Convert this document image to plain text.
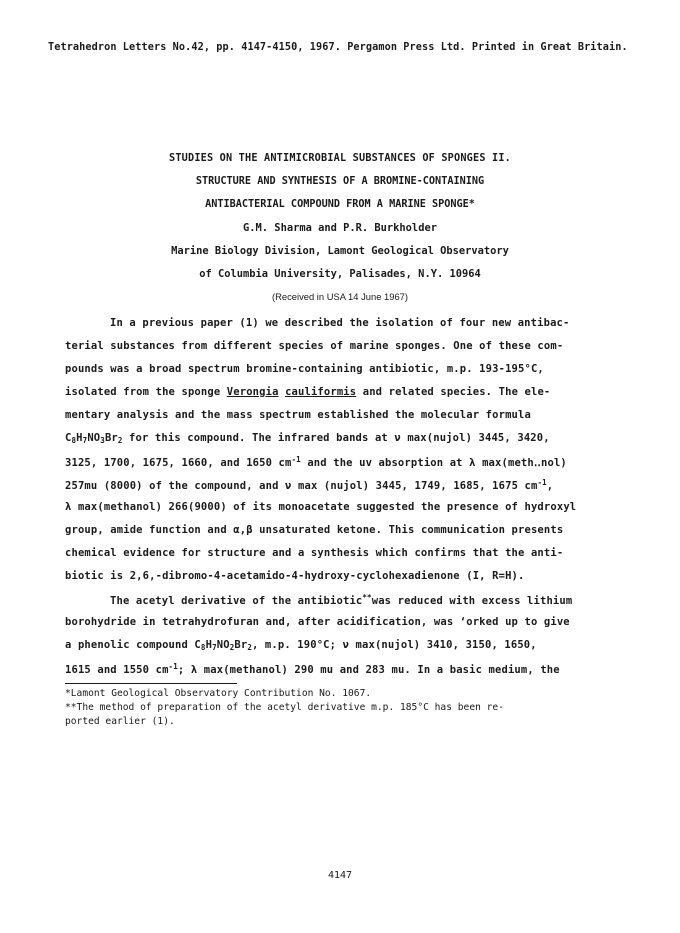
Tetrahedron Letters No.42, pp. 4147-4150, 1967. Pergamon Press Ltd. Printed in Great Britain.
STUDIES ON THE ANTIMICROBIAL SUBSTANCES OF SPONGES II.
STRUCTURE AND SYNTHESIS OF A BROMINE-CONTAINING
ANTIBACTERIAL COMPOUND FROM A MARINE SPONGE*
G.M. Sharma and P.R. Burkholder
Marine Biology Division, Lamont Geological Observatory
of Columbia University, Palisades, N.Y. 10964
(Received in USA 14 June 1967)
In a previous paper (1) we described the isolation of four new antibac-
terial substances from different species of marine sponges. One of these com-
pounds was a broad spectrum bromine-containing antibiotic, m.p. 193-195°C,
isolated from the sponge Verongia cauliformis and related species. The ele-
mentary analysis and the mass spectrum established the molecular formula
$C_8H_7NO_3Br_2$ for this compound. The infrared bands at ν max(nujol) 3445, 3420,
3125, 1700, 1675, 1660, and 1650 $cm^{-1}$ and the uv absorption at λ max(meth‥nol)
257mu (8000) of the compound, and ν max (nujol) 3445, 1749, 1685, 1675 $cm^{-1}$,
λ max(methanol) 266(9000) of its monoacetate suggested the presence of hydroxyl
group, amide function and α,β unsaturated ketone. This communication presents
chemical evidence for structure and a synthesis which confirms that the anti-
biotic is 2,6,-dibromo-4-acetamido-4-hydroxy-cyclohexadienone (I, R=H).
The acetyl derivative of the antibiotic**was reduced with excess lithium
borohydride in tetrahydrofuran and, after acidification, was ‘orked up to give
a phenolic compound $C_8H_7NO_2Br_2$, m.p. 190°C; ν max(nujol) 3410, 3150, 1650,
1615 and 1550 $cm^{-1}$; λ max(methanol) 290 mu and 283 mu. In a basic medium, the
*Lamont Geological Observatory Contribution No. 1067.
**The method of preparation of the acetyl derivative m.p. 185°C has been re-
ported earlier (1).
4147
